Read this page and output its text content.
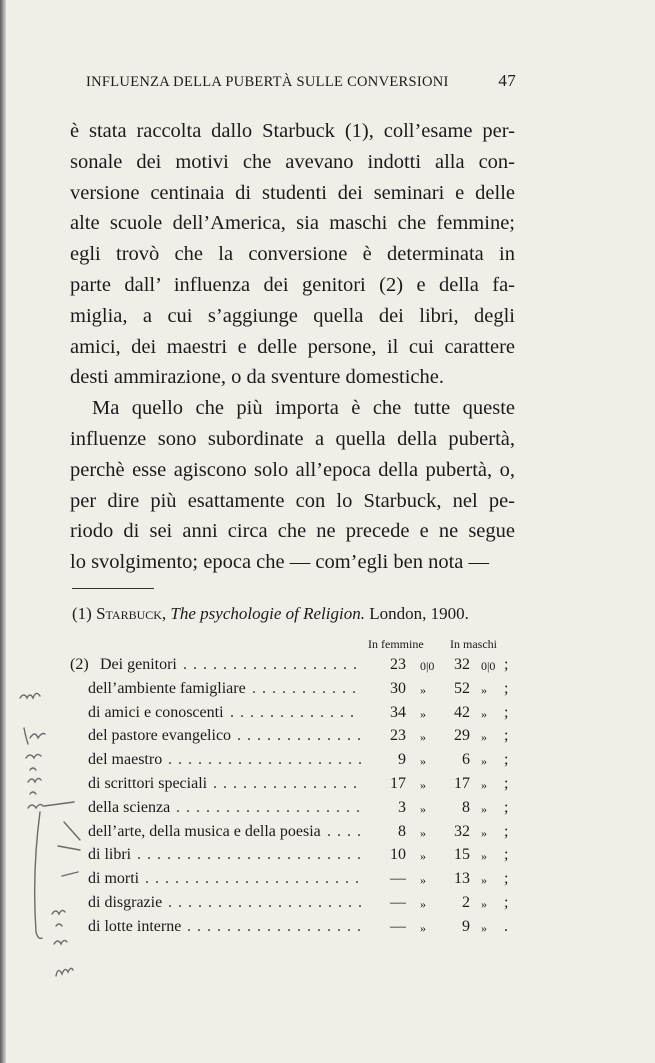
INFLUENZA DELLA PUBERTÀ SULLE CONVERSIONI	47
è stata raccolta dallo Starbuck (1), coll’esame per-
sonale dei motivi che avevano indotti alla con-
versione centinaia di studenti dei seminari e delle
alte scuole dell’America, sia maschi che femmine;
egli trovò che la conversione è determinata in
parte dall’ influenza dei genitori (2) e della fa-
miglia, a cui s’aggiunge quella dei libri, degli
amici, dei maestri e delle persone, il cui carattere
desti ammirazione, o da sventure domestiche.
Ma quello che più importa è che tutte queste
influenze sono subordinate a quella della pubertà,
perchè esse agiscono solo all’epoca della pubertà, o,
per dire più esattamente con lo Starbuck, nel pe-
riodo di sei anni circa che ne precede e ne segue
lo svolgimento; epoca che — com’egli ben nota —
(1) Starbuck, The psychologie of Religion. London, 1900.
In femmine In maschi
(2) Dei genitori ..................	23 0|0	32 0|0 ;
dell’ambiente famigliare ...........	30 »	52 » ;
di amici e conoscenti .............	34 »	42 » ;
del pastore evangelico .............	23 »	29 » ;
del maestro ....................	9 »	6 » ;
di scrittori speciali ...............	17 »	17 » ;
della scienza ...................	3 »	8 » ;
dell’arte, della musica e della poesia ....	8 »	32 » ;
di libri .......................	10 »	15 » ;
di morti ......................	— »	13 » ;
di disgrazie ....................	— »	2 » ;
di lotte interne ..................	— »	9 » .
